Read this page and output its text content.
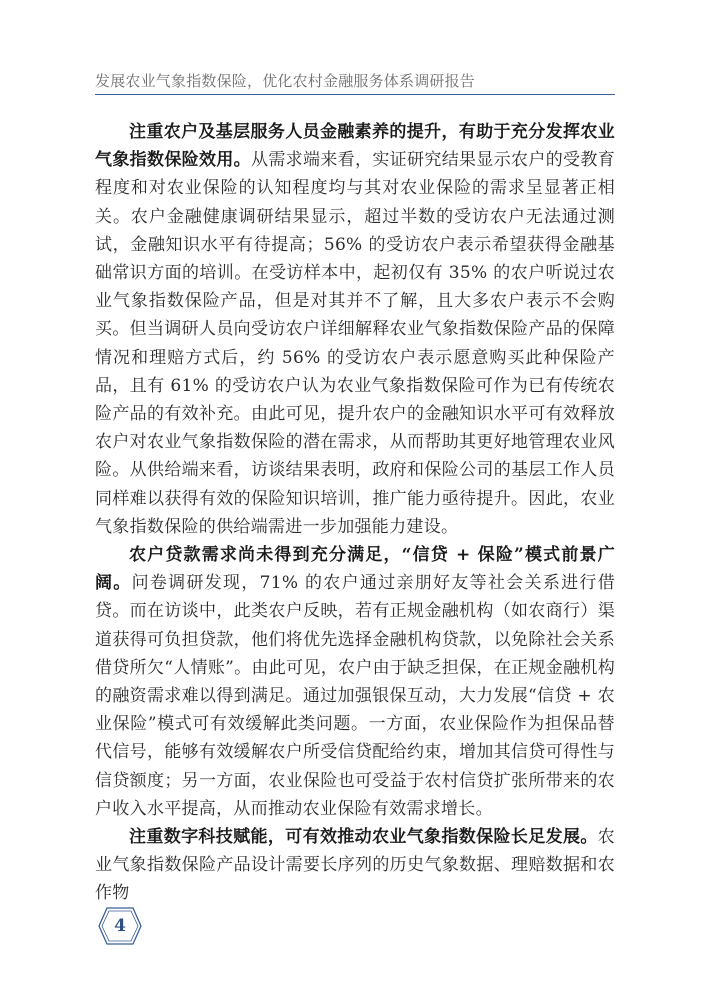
发展农业气象指数保险，优化农村金融服务体系调研报告

注重农户及基层服务人员金融素养的提升，有助于充分发挥农业气象指数保险效用。从需求端来看，实证研究结果显示农户的受教育程度和对农业保险的认知程度均与其对农业保险的需求呈显著正相关。农户金融健康调研结果显示，超过半数的受访农户无法通过测试，金融知识水平有待提高；56% 的受访农户表示希望获得金融基础常识方面的培训。在受访样本中，起初仅有 35% 的农户听说过农业气象指数保险产品，但是对其并不了解，且大多农户表示不会购买。但当调研人员向受访农户详细解释农业气象指数保险产品的保障情况和理赔方式后，约 56% 的受访农户表示愿意购买此种保险产品，且有 61% 的受访农户认为农业气象指数保险可作为已有传统农险产品的有效补充。由此可见，提升农户的金融知识水平可有效释放农户对农业气象指数保险的潜在需求，从而帮助其更好地管理农业风险。从供给端来看，访谈结果表明，政府和保险公司的基层工作人员同样难以获得有效的保险知识培训，推广能力亟待提升。因此，农业气象指数保险的供给端需进一步加强能力建设。

农户贷款需求尚未得到充分满足，“信贷 + 保险”模式前景广阔。问卷调研发现，71% 的农户通过亲朋好友等社会关系进行借贷。而在访谈中，此类农户反映，若有正规金融机构（如农商行）渠道获得可负担贷款，他们将优先选择金融机构贷款，以免除社会关系借贷所欠“人情账”。由此可见，农户由于缺乏担保，在正规金融机构的融资需求难以得到满足。通过加强银保互动，大力发展“信贷 + 农业保险”模式可有效缓解此类问题。一方面，农业保险作为担保品替代信号，能够有效缓解农户所受信贷配给约束，增加其信贷可得性与信贷额度；另一方面，农业保险也可受益于农村信贷扩张所带来的农户收入水平提高，从而推动农业保险有效需求增长。

注重数字科技赋能，可有效推动农业气象指数保险长足发展。农业气象指数保险产品设计需要长序列的历史气象数据、理赔数据和农作物

4
